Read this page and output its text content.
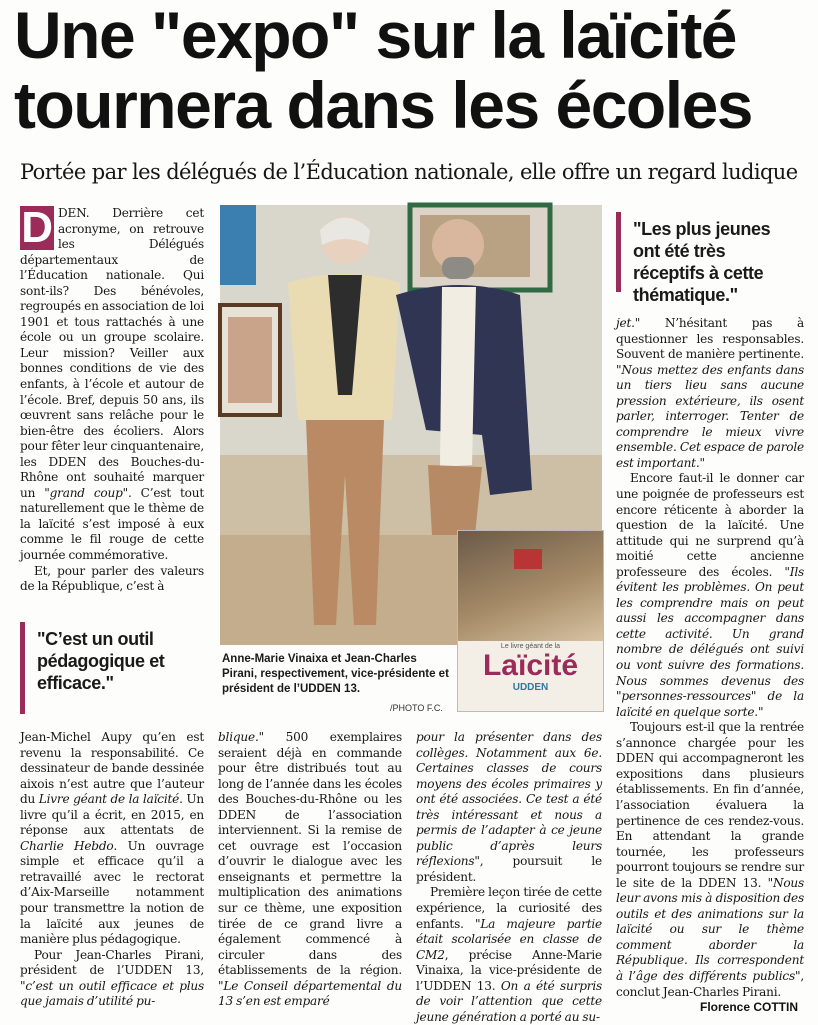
Une "expo" sur la laïcité
tournera dans les écoles
Portée par les délégués de l’Éducation nationale, elle offre un regard ludique

D DEN. Derrière cet acronyme, on retrouve les Délégués départementaux de l’Éducation nationale. Qui sont-ils? Des bénévoles, regroupés en association de loi 1901 et tous rattachés à une école ou un groupe scolaire. Leur mission? Veiller aux bonnes conditions de vie des enfants, à l’école et autour de l’école. Bref, depuis 50 ans, ils œuvrent sans relâche pour le bien-être des écoliers. Alors pour fêter leur cinquantenaire, les DDEN des Bouches-du-Rhône ont souhaité marquer un "grand coup". C’est tout naturellement que le thème de la laïcité s’est imposé à eux comme le fil rouge de cette journée commémorative.

Et, pour parler des valeurs de la République, c’est à

"C’est un outil pédagogique et efficace."
Le livre géant de la
Laïcité
UDDEN
Anne-Marie Vinaixa et Jean-Charles Pirani, respectivement, vice-présidente et président de l’UDDEN 13.
/PHOTO F.C.
"Les plus jeunes ont été très réceptifs à cette thématique."

jet." N’hésitant pas à questionner les responsables. Souvent de manière pertinente. "Nous mettez des enfants dans un tiers lieu sans aucune pression extérieure, ils osent parler, interroger. Tenter de comprendre le mieux vivre ensemble. Cet espace de parole est important."

Encore faut-il le donner car une poignée de professeurs est encore réticente à aborder la question de la laïcité. Une attitude qui ne surprend qu’à moitié cette ancienne professeure des écoles. "Ils évitent les problèmes. On peut les comprendre mais on peut aussi les accompagner dans cette activité. Un grand nombre de délégués ont suivi ou vont suivre des formations. Nous sommes devenus des "personnes-ressources" de la laïcité en quelque sorte."

Toujours est-il que la rentrée s’annonce chargée pour les DDEN qui accompagneront les expositions dans plusieurs établissements. En fin d’année, l’association évaluera la pertinence de ces rendez-vous. En attendant la grande tournée, les professeurs pourront toujours se rendre sur le site de la DDEN 13. "Nous leur avons mis à disposition des outils et des animations sur la laïcité ou sur le thème comment aborder la République. Ils correspondent à l’âge des différents publics", conclut Jean-Charles Pirani.

Jean-Michel Aupy qu’en est revenu la responsabilité. Ce dessinateur de bande dessinée aixois n’est autre que l’auteur du Livre géant de la laïcité. Un livre qu’il a écrit, en 2015, en réponse aux attentats de Charlie Hebdo. Un ouvrage simple et efficace qu’il a retravaillé avec le rectorat d’Aix-Marseille notamment pour transmettre la notion de la laïcité aux jeunes de manière plus pédagogique.

Pour Jean-Charles Pirani, président de l’UDDEN 13, "c’est un outil efficace et plus que jamais d’utilité pu-

blique." 500 exemplaires seraient déjà en commande pour être distribués tout au long de l’année dans les écoles des Bouches-du-Rhône ou les DDEN de l’association interviennent. Si la remise de cet ouvrage est l’occasion d’ouvrir le dialogue avec les enseignants et permettre la multiplication des animations sur ce thème, une exposition tirée de ce grand livre a également commencé à circuler dans des établissements de la région. "Le Conseil départemental du 13 s’en est emparé

pour la présenter dans des collèges. Notamment aux 6e. Certaines classes de cours moyens des écoles primaires y ont été associées. Ce test a été très intéressant et nous a permis de l’adapter à ce jeune public d’après leurs réflexions", poursuit le président.

Première leçon tirée de cette expérience, la curiosité des enfants. "La majeure partie était scolarisée en classe de CM2, précise Anne-Marie Vinaixa, la vice-présidente de l’UDDEN 13. On a été surpris de voir l’attention que cette jeune génération a porté au su-

Florence COTTIN
